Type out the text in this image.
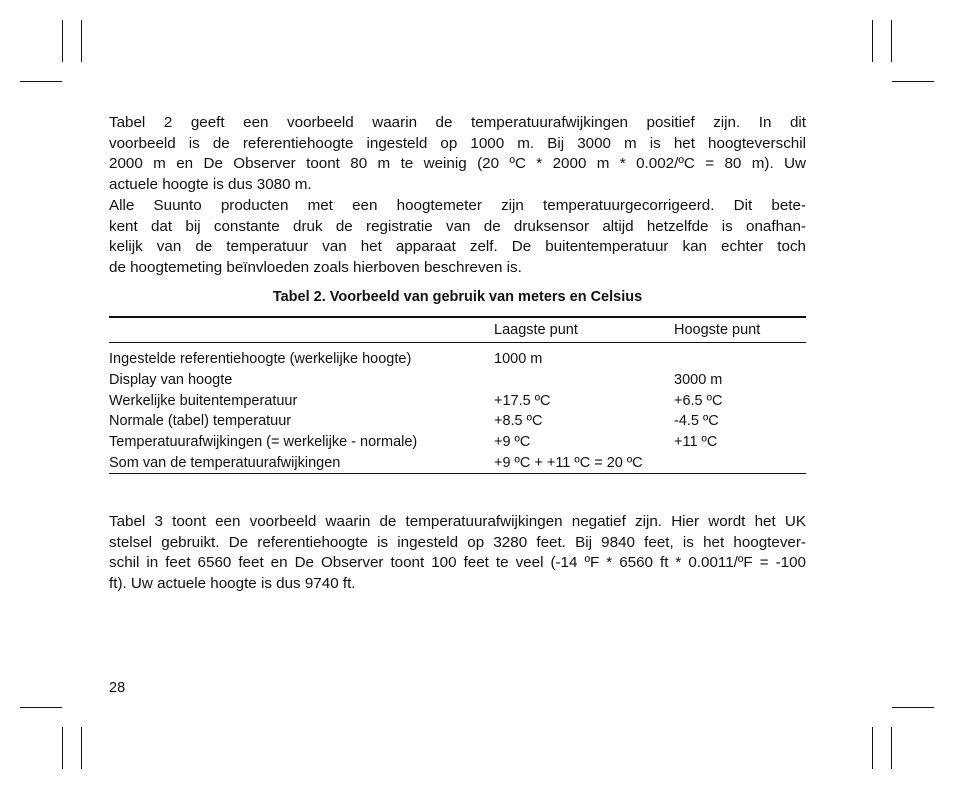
Tabel 2 geeft een voorbeeld waarin de temperatuurafwijkingen positief zijn. In dit
voorbeeld is de referentiehoogte ingesteld op 1000 m. Bij 3000 m is het hoogteverschil
2000 m en De Observer toont 80 m te weinig (20 ºC * 2000 m * 0.002/ºC = 80 m). Uw
actuele hoogte is dus 3080 m.

Alle Suunto producten met een hoogtemeter zijn temperatuurgecorrigeerd. Dit bete-
kent dat bij constante druk de registratie van de druksensor altijd hetzelfde is onafhan-
kelijk van de temperatuur van het apparaat zelf. De buitentemperatuur kan echter toch
de hoogtemeting beïnvloeden zoals hierboven beschreven is.

Tabel 2. Voorbeeld van gebruik van meters en Celsius
	Laagste punt	Hoogste punt
Ingestelde referentiehoogte (werkelijke hoogte)	1000 m	
Display van hoogte		3000 m
Werkelijke buitentemperatuur	+17.5 ºC	+6.5 ºC
Normale (tabel) temperatuur	+8.5 ºC	-4.5 ºC
Temperatuurafwijkingen (= werkelijke - normale)	+9 ºC	+11 ºC
Som van de temperatuurafwijkingen	+9 ºC + +11 ºC = 20 ºC	

Tabel 3 toont een voorbeeld waarin de temperatuurafwijkingen negatief zijn. Hier wordt het UK
stelsel gebruikt. De referentiehoogte is ingesteld op 3280 feet. Bij 9840 feet, is het hoogtever-
schil in feet 6560 feet en De Observer toont 100 feet te veel (-14 ºF * 6560 ft * 0.0011/ºF = -100
ft). Uw actuele hoogte is dus 9740 ft.

28
